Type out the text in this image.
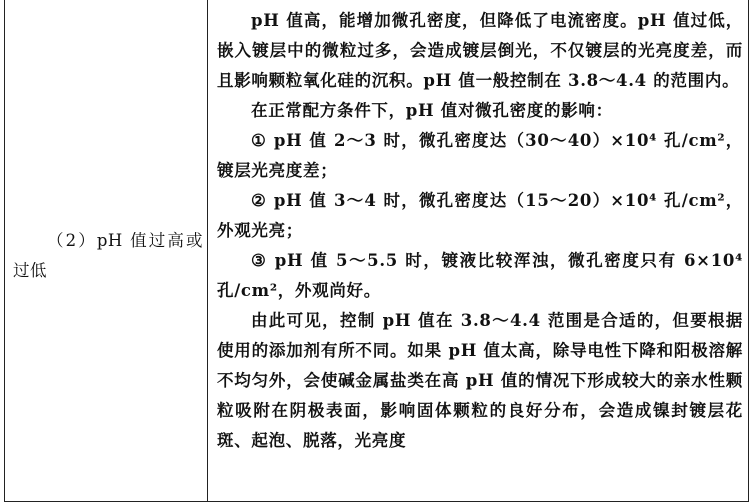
（2）pH 值过高或过低

pH 值高，能增加微孔密度，但降低了电流密度。pH 值过低，嵌入镀层中的微粒过多，会造成镀层倒光，不仅镀层的光亮度差，而且影响颗粒氧化硅的沉积。pH 值一般控制在 3.8～4.4 的范围内。

在正常配方条件下，pH 值对微孔密度的影响：

① pH 值 2～3 时，微孔密度达（30～40）×10⁴ 孔/cm²，镀层光亮度差；

② pH 值 3～4 时，微孔密度达（15～20）×10⁴ 孔/cm²，外观光亮；

③ pH 值 5～5.5 时，镀液比较浑浊，微孔密度只有 6×10⁴ 孔/cm²，外观尚好。

由此可见，控制 pH 值在 3.8～4.4 范围是合适的，但要根据使用的添加剂有所不同。如果 pH 值太高，除导电性下降和阳极溶解不均匀外，会使碱金属盐类在高 pH 值的情况下形成较大的亲水性颗粒吸附在阴极表面，影响固体颗粒的良好分布，会造成镍封镀层花斑、起泡、脱落，光亮度
